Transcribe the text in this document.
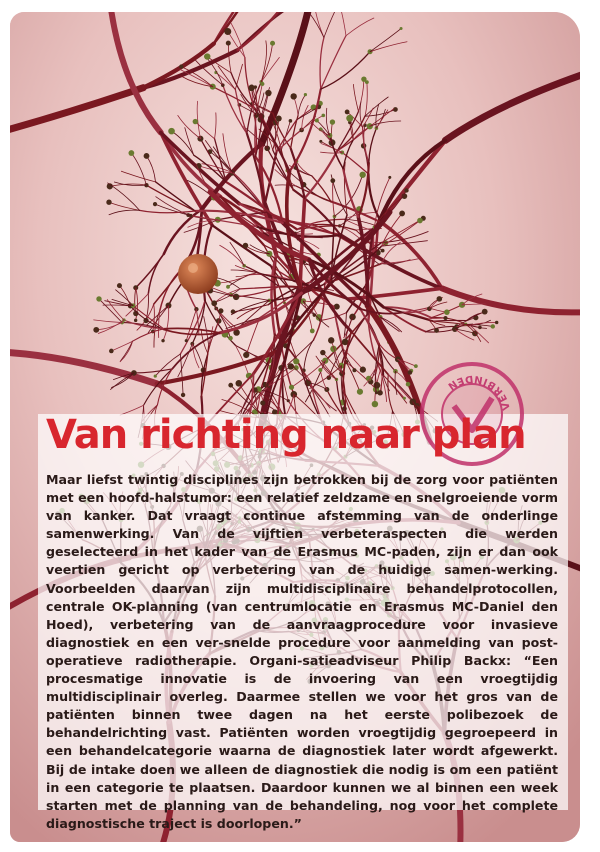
VERBINDEN
Van richting naar plan

Maar liefst twintig disciplines zijn betrokken bij de zorg voor patiënten met een hoofd-halstumor: een relatief zeldzame en snelgroeiende vorm van kanker. Dat vraagt continue afstemming van de onderlinge samenwerking. Van de vijftien verbeteraspecten die werden geselecteerd in het kader van de Erasmus MC-paden, zijn er dan ook veertien gericht op verbetering van de huidige samen-werking. Voorbeelden daarvan zijn multidisciplinaire behandelprotocollen, centrale OK-planning (van centrumlocatie en Erasmus MC-Daniel den Hoed), verbetering van de aanvraagprocedure voor invasieve diagnostiek en een ver-snelde procedure voor aanmelding van post-operatieve radiotherapie. Organi-satieadviseur Philip Backx: “Een procesmatige innovatie is de invoering van een vroegtijdig multidisciplinair overleg. Daarmee stellen we voor het gros van de patiënten binnen twee dagen na het eerste polibezoek de behandelrichting vast. Patiënten worden vroegtijdig gegroepeerd in een behandelcategorie waarna de diagnostiek later wordt afgewerkt. Bij de intake doen we alleen de diagnostiek die nodig is om een patiënt in een categorie te plaatsen. Daardoor kunnen we al binnen een week starten met de planning van de behandeling, nog voor het complete diagnostische traject is doorlopen.”
